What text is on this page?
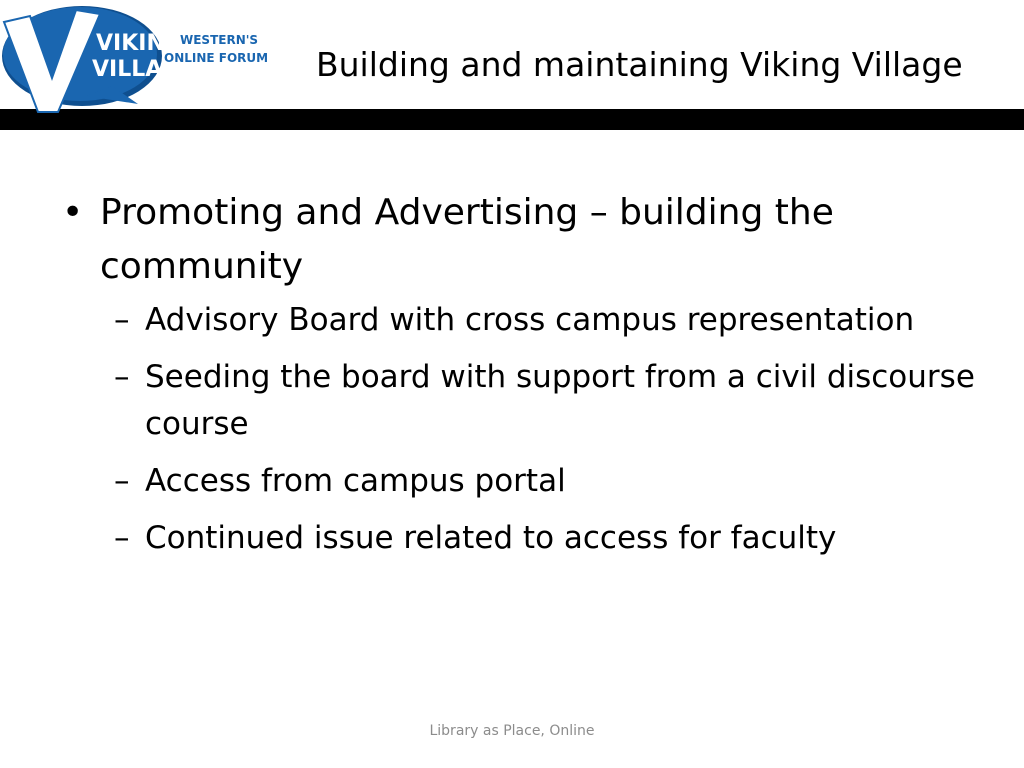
VIKING
VILLAGE
WESTERN'S
ONLINE FORUM Building and maintaining Viking Village
• Promoting and Advertising – building the community
– Advisory Board with cross campus representation
– Seeding the board with support from a civil discourse course
– Access from campus portal
– Continued issue related to access for faculty
Library as Place, Online
